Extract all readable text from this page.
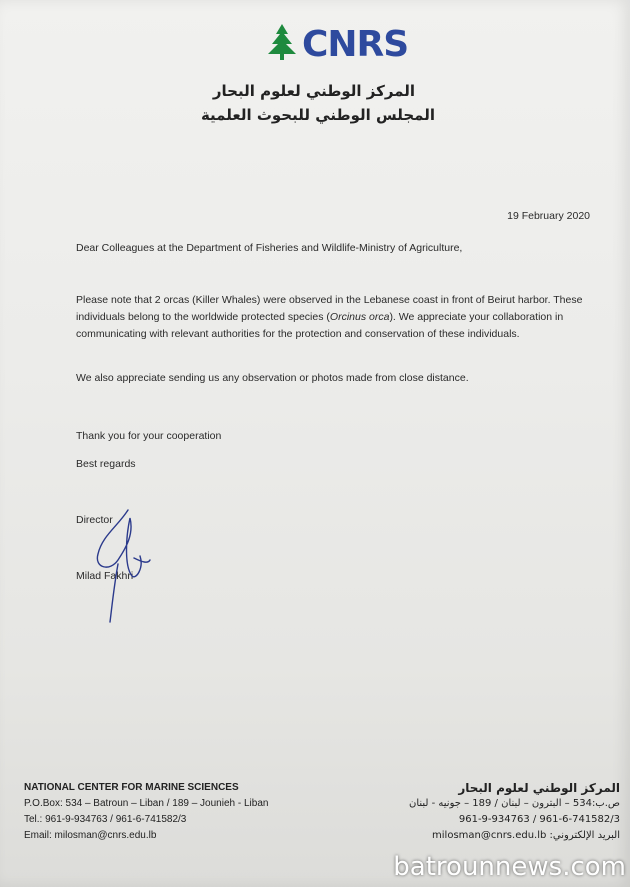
CNRS
المركز الوطني لعلوم البحار
المجلس الوطني للبحوث العلمية
19 February 2020
Dear Colleagues at the Department of Fisheries and Wildlife-Ministry of Agriculture,
Please note that 2 orcas (Killer Whales) were observed in the Lebanese coast in front of Beirut harbor. These individuals belong to the worldwide protected species (Orcinus orca). We appreciate your collaboration in communicating with relevant authorities for the protection and conservation of these individuals.
We also appreciate sending us any observation or photos made from close distance.
Thank you for your cooperation
Best regards
Director
Milad Fakhri
NATIONAL CENTER FOR MARINE SCIENCES
P.O.Box: 534 – Batroun – Liban / 189 – Jounieh - Liban
Tel.: 961-9-934763 / 961-6-741582/3
Email: milosman@cnrs.edu.lb
المركز الوطني لعلوم البحار
ص.ب:534 – البترون – لبنان / 189 – جونيه - لبنان
961-9-934763 / 961-6-741582/3
البريد الإلكتروني: milosman@cnrs.edu.lb
batrounnews.com
